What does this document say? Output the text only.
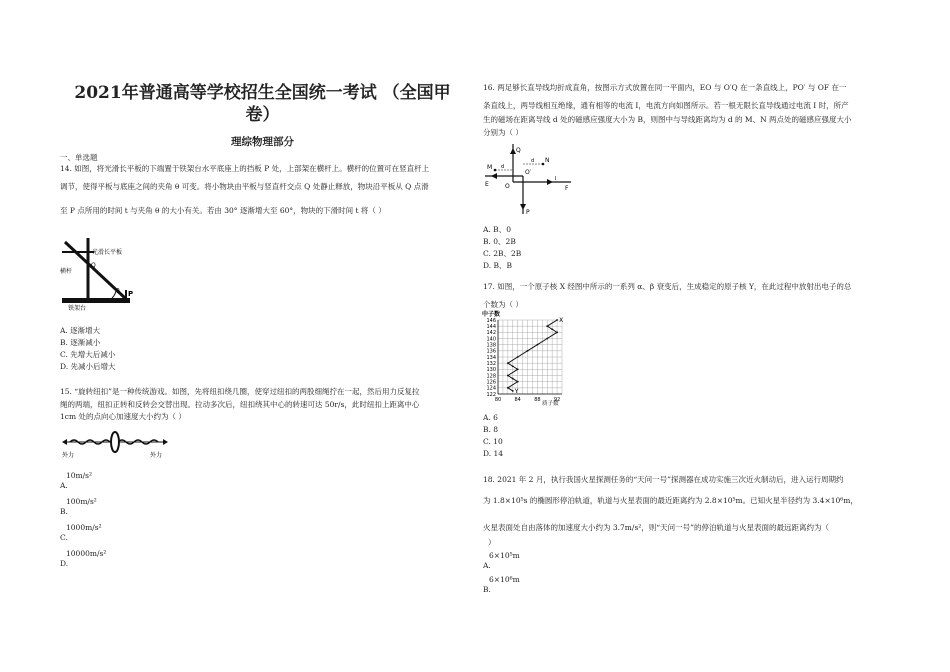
2021年普通高等学校招生全国统一考试 （全国甲
卷）
理综物理部分
一、单选题
14. 如图，将光滑长平板的下端置于铁架台水平底座上的挡板 P 处，上部架在横杆上。横杆的位置可在竖直杆上
调节，使得平板与底座之间的夹角 θ 可变。将小物块由平板与竖直杆交点 Q 处静止释放，物块沿平板从 Q 点滑
至 P 点所用的时间 t 与夹角 θ 的大小有关。若由 30° 逐渐增大至 60°，物块的下滑时间 t 将（ ）
光滑长平板
横杆
铁架台
P
Q
θ
A. 逐渐增大
B. 逐渐减小
C. 先增大后减小
D. 先减小后增大
15. “旋转纽扣”是一种传统游戏。如图，先将纽扣绕几圈，使穿过纽扣的两股细绳拧在一起，然后用力反复拉
绳的两端，纽扣正转和反转会交替出现。拉动多次后，纽扣绕其中心的转速可达 50r/s，此时纽扣上距离中心
1cm 处的点向心加速度大小约为（ ）
外力	外力
A.
10m/s²
B.
100m/s²
C.
1000m/s²
D.
10000m/s²
16. 两足够长直导线均折成直角，按图示方式放置在同一平面内，EO 与 O′Q 在一条直线上，PO′ 与 OF 在一
条直线上，两导线相互绝缘，通有相等的电流 I，电流方向如图所示。若一根无限长直导线通过电流 I 时，所产
生的磁场在距离导线 d 处的磁感应强度大小为 B，则图中与导线距离均为 d 的 M、N 两点处的磁感应强度大小
分别为（ ）
Q
M
N
E
F
P
O
O′
d
d
I
A. B、0
B. 0、2B
C. 2B、2B
D. B、B
17. 如图，一个原子核 X 经图中所示的一系列 α、β 衰变后，生成稳定的原子核 Y，在此过程中放射出电子的总
个数为（ ）
146
144
142
140
138
136
134
132
130
128
126
124
122
80	84	88	92
X
Y
中子数
质子数
A. 6
B. 8
C. 10
D. 14
18. 2021 年 2 月，执行我国火星探测任务的“天问一号”探测器在成功实施三次近火制动后，进入运行周期约
为 1.8×10⁵s 的椭圆形停泊轨道，轨道与火星表面的最近距离约为 2.8×10⁵m。已知火星半径约为 3.4×10⁶m，
火星表面处自由落体的加速度大小约为 3.7m/s²，则“天问一号”的停泊轨道与火星表面的最远距离约为（
）
A.
6×10⁵m
B.
6×10⁶m
